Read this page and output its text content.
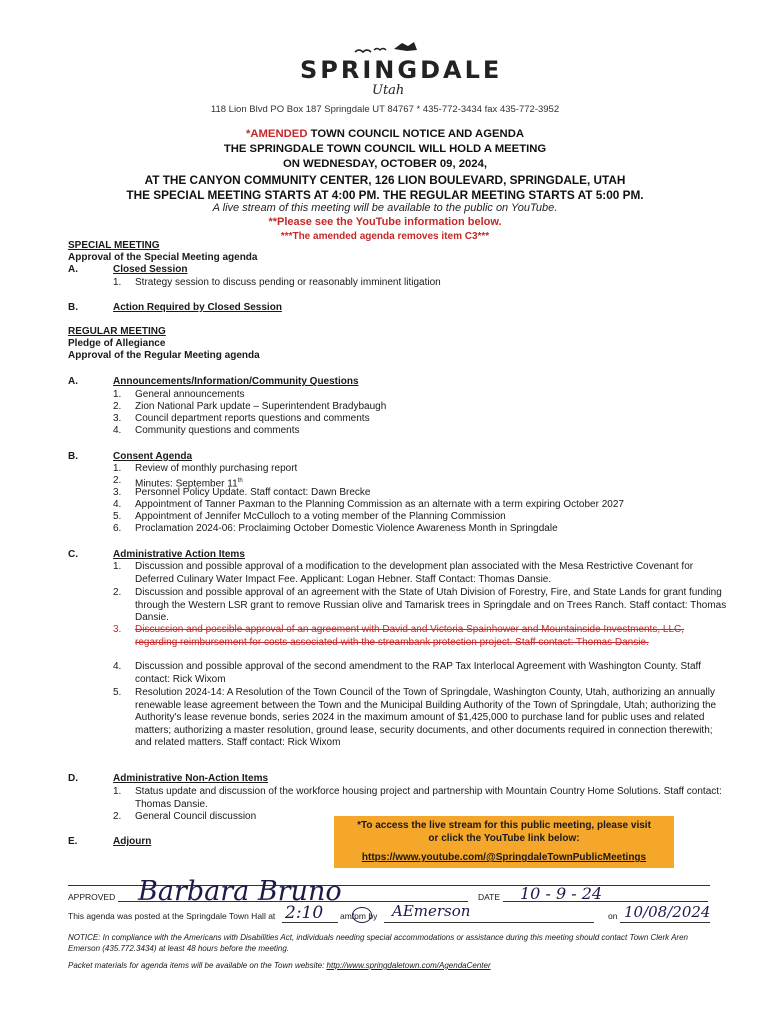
SPRINGDALE
Utah
118 Lion Blvd PO Box 187 Springdale UT 84767 * 435-772-3434 fax 435-772-3952
*AMENDED TOWN COUNCIL NOTICE AND AGENDA
THE SPRINGDALE TOWN COUNCIL WILL HOLD A MEETING
ON WEDNESDAY, OCTOBER 09, 2024,
AT THE CANYON COMMUNITY CENTER, 126 LION BOULEVARD, SPRINGDALE, UTAH
THE SPECIAL MEETING STARTS AT 4:00 PM. THE REGULAR MEETING STARTS AT 5:00 PM.
A live stream of this meeting will be available to the public on YouTube.
**Please see the YouTube information below.
***The amended agenda removes item C3***
SPECIAL MEETING
Approval of the Special Meeting agenda
A.	Closed Session
1.	Strategy session to discuss pending or reasonably imminent litigation
B.	Action Required by Closed Session
REGULAR MEETING
Pledge of Allegiance
Approval of the Regular Meeting agenda
A.	Announcements/Information/Community Questions
1.	General announcements
2.	Zion National Park update – Superintendent Bradybaugh
3.	Council department reports questions and comments
4.	Community questions and comments
B.	Consent Agenda
1.	Review of monthly purchasing report
2.	Minutes: September 11th
3.	Personnel Policy Update. Staff contact: Dawn Brecke
4.	Appointment of Tanner Paxman to the Planning Commission as an alternate with a term expiring October 2027
5.	Appointment of Jennifer McCulloch to a voting member of the Planning Commission
6.	Proclamation 2024-06: Proclaiming October Domestic Violence Awareness Month in Springdale
C.	Administrative Action Items
1.	Discussion and possible approval of a modification to the development plan associated with the Mesa Restrictive Covenant for Deferred Culinary Water Impact Fee. Applicant: Logan Hebner. Staff Contact: Thomas Dansie.
2.	Discussion and possible approval of an agreement with the State of Utah Division of Forestry, Fire, and State Lands for grant funding through the Western LSR grant to remove Russian olive and Tamarisk trees in Springdale and on Trees Ranch. Staff contact: Thomas Dansie.
3.	Discussion and possible approval of an agreement with David and Victoria Spainhower and Mountainside Investments, LLC, regarding reimbursement for costs associated with the streambank protection project. Staff contact: Thomas Dansie.
4.	Discussion and possible approval of the second amendment to the RAP Tax Interlocal Agreement with Washington County. Staff contact: Rick Wixom
5.	Resolution 2024-14: A Resolution of the Town Council of the Town of Springdale, Washington County, Utah, authorizing an annually renewable lease agreement between the Town and the Municipal Building Authority of the Town of Springdale, Utah; authorizing the Authority's lease revenue bonds, series 2024 in the maximum amount of $1,425,000 to purchase land for public uses and related matters; authorizing a master resolution, ground lease, security documents, and other documents required in connection therewith; and related matters. Staff contact: Rick Wixom
D.	Administrative Non-Action Items
1.	Status update and discussion of the workforce housing project and partnership with Mountain Country Home Solutions. Staff contact: Thomas Dansie.
2.	General Council discussion
E.	Adjourn
*To access the live stream for this public meeting, please visit
or click the YouTube link below:
https://www.youtube.com/@SpringdaleTownPublicMeetings
APPROVED Barbara Bruno	DATE 10 - 9 - 24
This agenda was posted at the Springdale Town Hall at 2:10 am/pm by AEmerson	on 10/08/2024
NOTICE: In compliance with the Americans with Disabilities Act, individuals needing special accommodations or assistance during this meeting should contact Town Clerk Aren Emerson (435.772.3434) at least 48 hours before the meeting.
Packet materials for agenda items will be available on the Town website: http://www.springdaletown.com/AgendaCenter
